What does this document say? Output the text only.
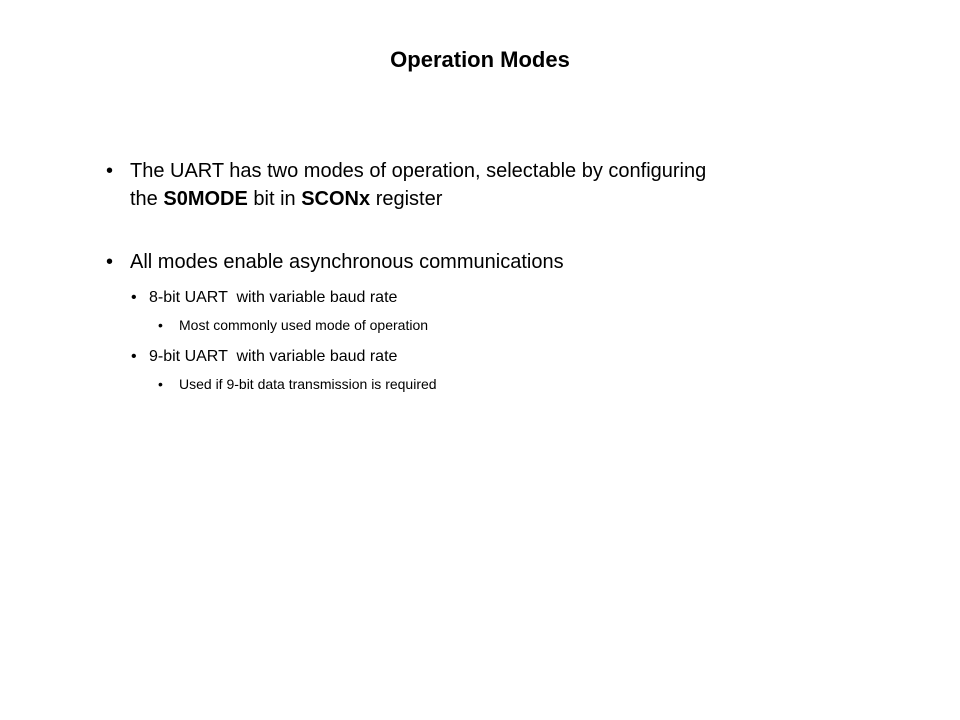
Operation Modes
• The UART has two modes of operation, selectable by configuring
the S0MODE bit in SCONx register
• All modes enable asynchronous communications
• 8-bit UART  with variable baud rate
• Most commonly used mode of operation
• 9-bit UART  with variable baud rate
• Used if 9-bit data transmission is required
